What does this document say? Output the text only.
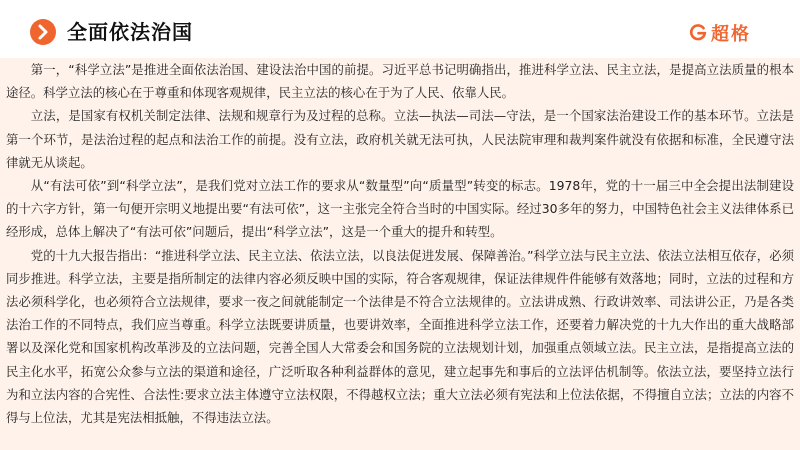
全面依法治国	超格

第一，“科学立法”是推进全面依法治国、建设法治中国的前提。习近平总书记明确指出，推进科学立法、民主立法，是提高立法质量的根本途径。科学立法的核心在于尊重和体现客观规律，民主立法的核心在于为了人民、依靠人民。

立法，是国家有权机关制定法律、法规和规章行为及过程的总称。立法—执法—司法—守法，是一个国家法治建设工作的基本环节。立法是第一个环节，是法治过程的起点和法治工作的前提。没有立法，政府机关就无法可执，人民法院审理和裁判案件就没有依据和标准，全民遵守法律就无从谈起。

从“有法可依”到“科学立法”，是我们党对立法工作的要求从“数量型”向“质量型”转变的标志。1978年，党的十一届三中全会提出法制建设的十六字方针，第一句便开宗明义地提出要“有法可依”，这一主张完全符合当时的中国实际。经过30多年的努力，中国特色社会主义法律体系已经形成，总体上解决了“有法可依”问题后，提出“科学立法”，这是一个重大的提升和转型。

党的十九大报告指出：“推进科学立法、民主立法、依法立法，以良法促进发展、保障善治。”科学立法与民主立法、依法立法相互依存，必须同步推进。科学立法，主要是指所制定的法律内容必须反映中国的实际，符合客观规律，保证法律规件件能够有效落地；同时，立法的过程和方法必须科学化，也必须符合立法规律，要求一夜之间就能制定一个法律是不符合立法规律的。立法讲成熟、行政讲效率、司法讲公正，乃是各类法治工作的不同特点，我们应当尊重。科学立法既要讲质量，也要讲效率，全面推进科学立法工作，还要着力解决党的十九大作出的重大战略部署以及深化党和国家机构改革涉及的立法问题，完善全国人大常委会和国务院的立法规划计划，加强重点领域立法。民主立法，是指提高立法的民主化水平，拓宽公众参与立法的渠道和途径，广泛听取各种利益群体的意见，建立起事先和事后的立法评估机制等。依法立法，要坚持立法行为和立法内容的合宪性、合法性:要求立法主体遵守立法权限，不得越权立法；重大立法必须有宪法和上位法依据，不得擅自立法；立法的内容不得与上位法，尤其是宪法相抵触，不得违法立法。
